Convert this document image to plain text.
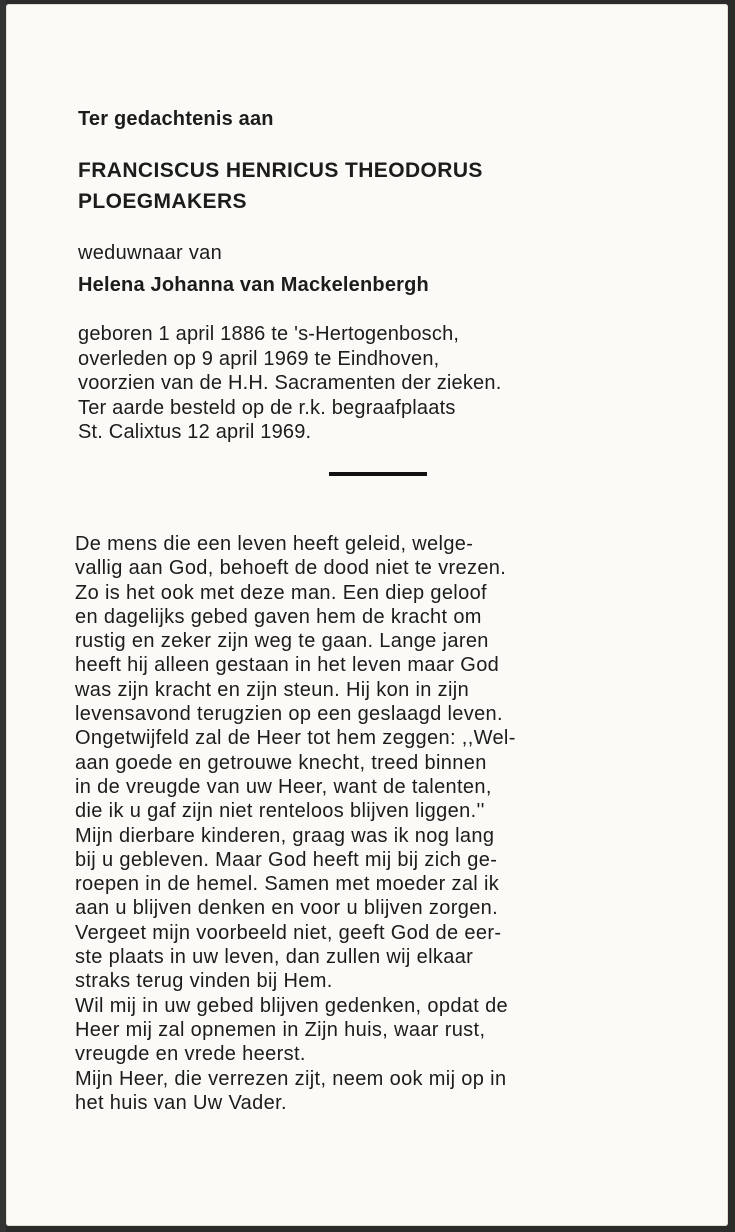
Ter gedachtenis aan
FRANCISCUS HENRICUS THEODORUS
PLOEGMAKERS
weduwnaar van
Helena Johanna van Mackelenbergh
geboren 1 april 1886 te 's-Hertogenbosch,
overleden op 9 april 1969 te Eindhoven,
voorzien van de H.H. Sacramenten der zieken.
Ter aarde besteld op de r.k. begraafplaats
St. Calixtus 12 april 1969.
De mens die een leven heeft geleid, welge-
vallig aan God, behoeft de dood niet te vrezen.
Zo is het ook met deze man. Een diep geloof
en dagelijks gebed gaven hem de kracht om
rustig en zeker zijn weg te gaan. Lange jaren
heeft hij alleen gestaan in het leven maar God
was zijn kracht en zijn steun. Hij kon in zijn
levensavond terugzien op een geslaagd leven.
Ongetwijfeld zal de Heer tot hem zeggen: ,,Wel-
aan goede en getrouwe knecht, treed binnen
in de vreugde van uw Heer, want de talenten,
die ik u gaf zijn niet renteloos blijven liggen.''
Mijn dierbare kinderen, graag was ik nog lang
bij u gebleven. Maar God heeft mij bij zich ge-
roepen in de hemel. Samen met moeder zal ik
aan u blijven denken en voor u blijven zorgen.
Vergeet mijn voorbeeld niet, geeft God de eer-
ste plaats in uw leven, dan zullen wij elkaar
straks terug vinden bij Hem.
Wil mij in uw gebed blijven gedenken, opdat de
Heer mij zal opnemen in Zijn huis, waar rust,
vreugde en vrede heerst.
Mijn Heer, die verrezen zijt, neem ook mij op in
het huis van Uw Vader.
